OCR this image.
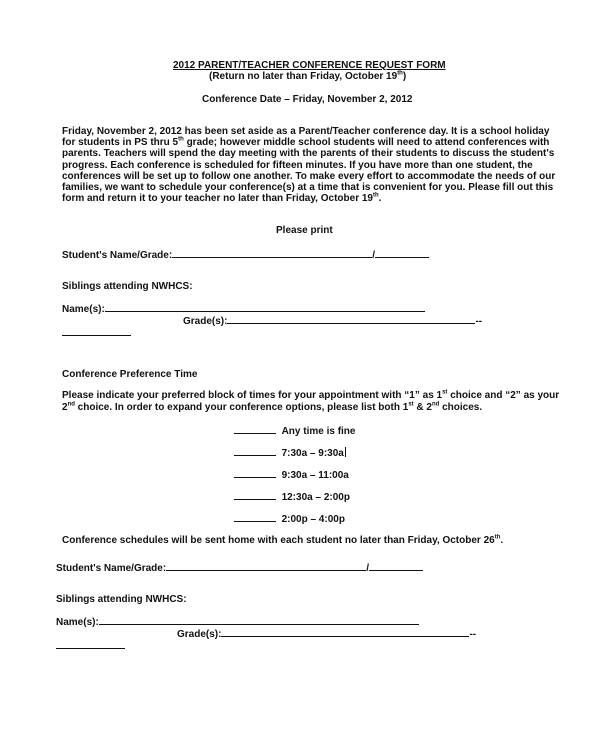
2012 PARENT/TEACHER CONFERENCE REQUEST FORM
(Return no later than Friday, October 19th)
Conference Date – Friday, November 2, 2012
Friday, November 2, 2012 has been set aside as a Parent/Teacher conference day. It is a school holiday
for students in PS thru 5th grade; however middle school students will need to attend conferences with
parents. Teachers will spend the day meeting with the parents of their students to discuss the student's
progress. Each conference is scheduled for fifteen minutes. If you have more than one student, the
conferences will be set up to follow one another. To make every effort to accommodate the needs of our
families, we want to schedule your conference(s) at a time that is convenient for you. Please fill out this
form and return it to your teacher no later than Friday, October 19th.
Please print
Student's Name/Grade:	/
Siblings attending NWHCS:
Name(s):
Grade(s):	--
Conference Preference Time
Please indicate your preferred block of times for your appointment with “1” as 1st choice and “2” as your
2nd choice. In order to expand your conference options, please list both 1st & 2nd choices.
Any time is fine
7:30a – 9:30a
9:30a – 11:00a
12:30a – 2:00p
2:00p – 4:00p
Conference schedules will be sent home with each student no later than Friday, October 26th.
Student's Name/Grade:	/
Siblings attending NWHCS:
Name(s):
Grade(s):	--
